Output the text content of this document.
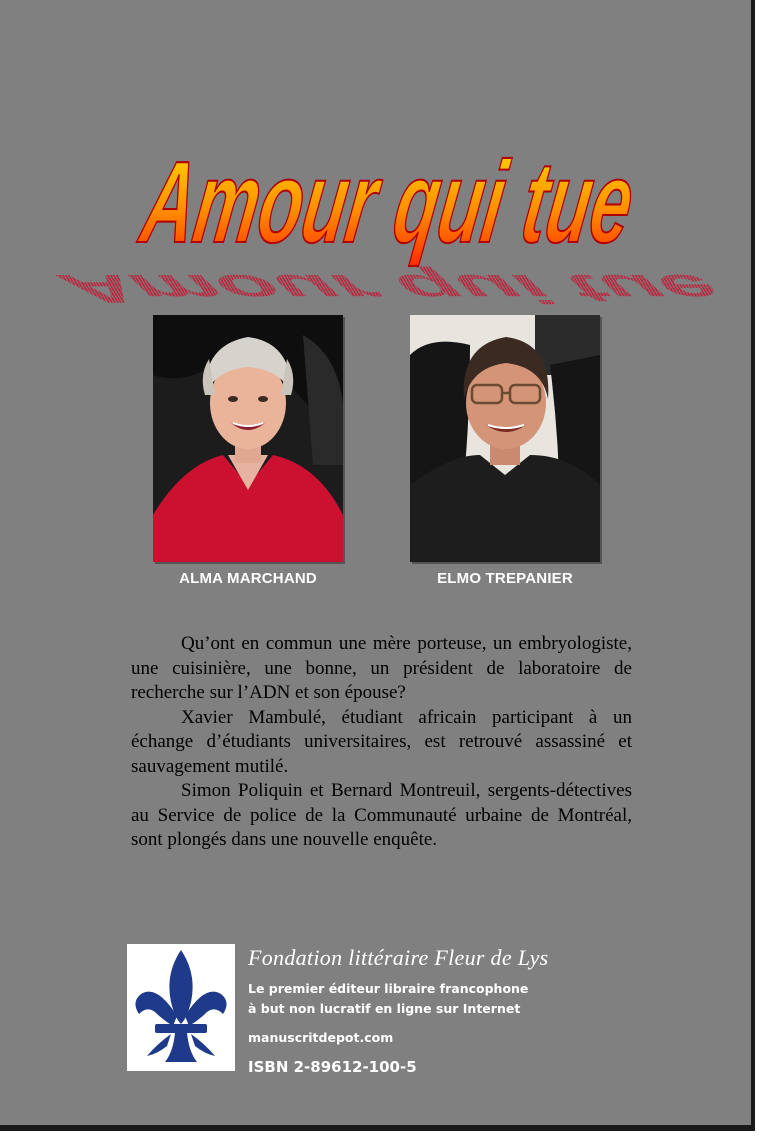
Amour qui tue
Amour qui tue
ALMA MARCHAND	ELMO TREPANIER

Qu’ont en commun une mère porteuse, un embryologiste, une cuisinière, une bonne, un président de laboratoire de recherche sur l’ADN et son épouse?

Xavier Mambulé, étudiant africain participant à un échange d’étudiants universitaires, est retrouvé assassiné et sauvagement mutilé.

Simon Poliquin et Bernard Montreuil, sergents-détectives au Service de police de la Communauté urbaine de Montréal, sont plongés dans une nouvelle enquête.

Fondation littéraire Fleur de Lys
Le premier éditeur libraire francophone
à but non lucratif en ligne sur Internet
manuscritdepot.com
ISBN 2-89612-100-5
